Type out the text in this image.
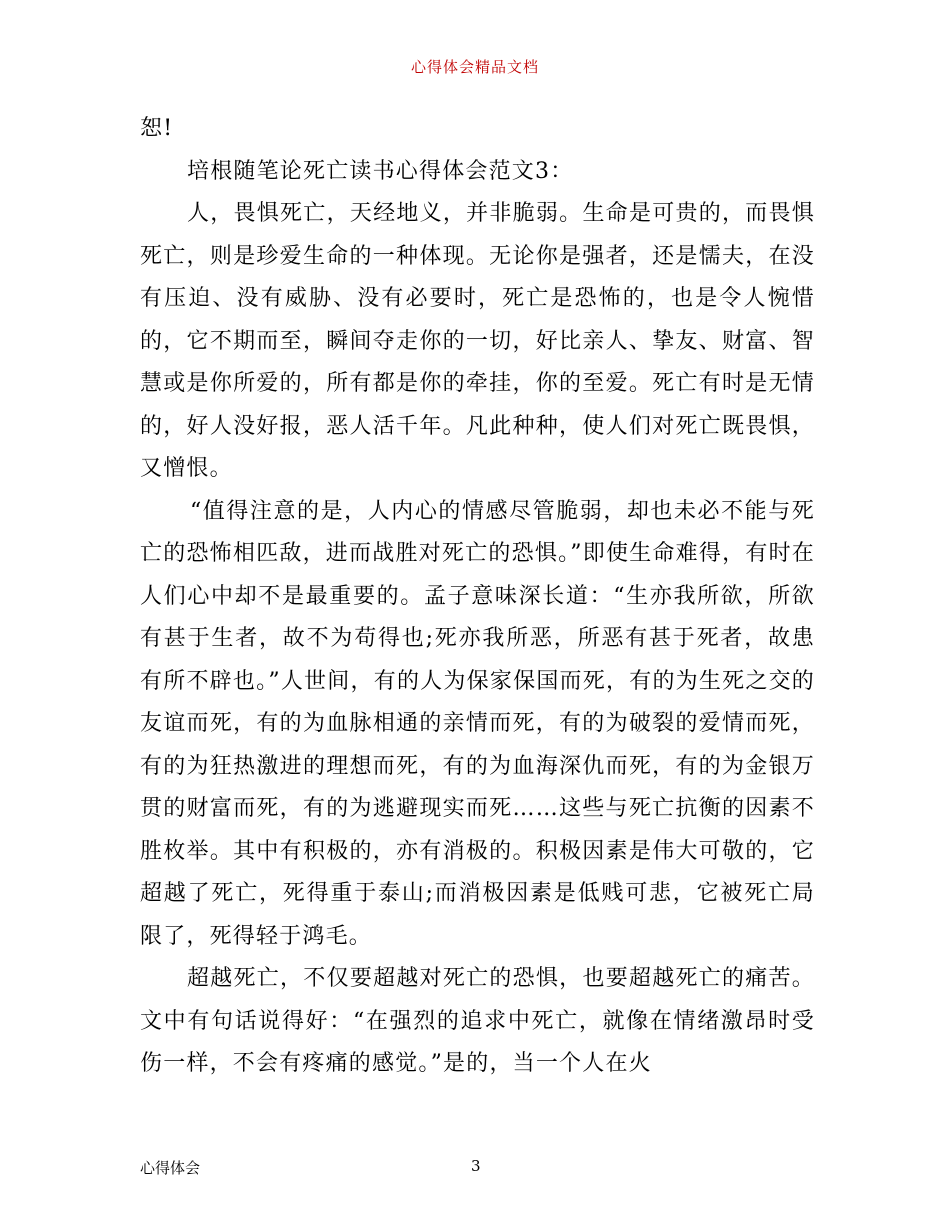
心得体会精品文档

恕!

培根随笔论死亡读书心得体会范文3：

人，畏惧死亡，天经地义，并非脆弱。生命是可贵的，而畏惧死亡，则是珍爱生命的一种体现。无论你是强者，还是懦夫，在没有压迫、没有威胁、没有必要时，死亡是恐怖的，也是令人惋惜的，它不期而至，瞬间夺走你的一切，好比亲人、挚友、财富、智慧或是你所爱的，所有都是你的牵挂，你的至爱。死亡有时是无情的，好人没好报，恶人活千年。凡此种种，使人们对死亡既畏惧，又憎恨。

“值得注意的是，人内心的情感尽管脆弱，却也未必不能与死亡的恐怖相匹敌，进而战胜对死亡的恐惧。”即使生命难得，有时在人们心中却不是最重要的。孟子意味深长道：“生亦我所欲，所欲有甚于生者，故不为苟得也;死亦我所恶，所恶有甚于死者，故患有所不辟也。”人世间，有的人为保家保国而死，有的为生死之交的友谊而死，有的为血脉相通的亲情而死，有的为破裂的爱情而死，有的为狂热激进的理想而死，有的为血海深仇而死，有的为金银万贯的财富而死，有的为逃避现实而死……这些与死亡抗衡的因素不胜枚举。其中有积极的，亦有消极的。积极因素是伟大可敬的，它超越了死亡，死得重于泰山;而消极因素是低贱可悲，它被死亡局限了，死得轻于鸿毛。

超越死亡，不仅要超越对死亡的恐惧，也要超越死亡的痛苦。文中有句话说得好：“在强烈的追求中死亡，就像在情绪激昂时受伤一样，不会有疼痛的感觉。”是的，当一个人在火

心得体会	3
